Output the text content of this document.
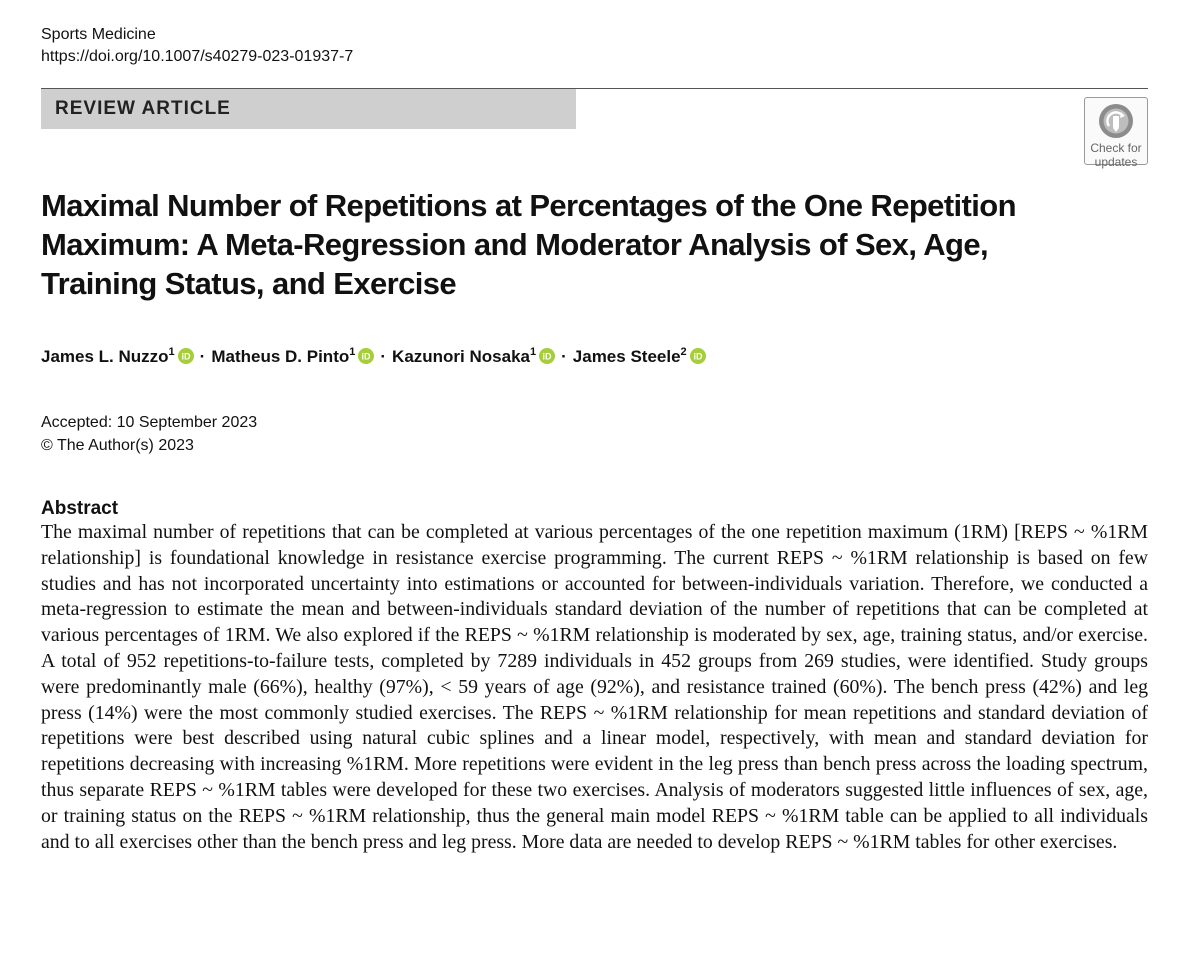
Sports Medicine
https://doi.org/10.1007/s40279-023-01937-7
REVIEW ARTICLE
Check for
updates
Maximal Number of Repetitions at Percentages of the One Repetition Maximum: A Meta-Regression and Moderator Analysis of Sex, Age, Training Status, and Exercise
James L. Nuzzo$^1$ iD · Matheus D. Pinto$^1$ iD · Kazunori Nosaka$^1$ iD · James Steele$^2$ iD
Accepted: 10 September 2023
© The Author(s) 2023
Abstract

The maximal number of repetitions that can be completed at various percentages of the one repetition maximum (1RM) [REPS ~ %1RM relationship] is foundational knowledge in resistance exercise programming. The current REPS ~ %1RM relationship is based on few studies and has not incorporated uncertainty into estimations or accounted for between-individuals variation. Therefore, we conducted a meta-regression to estimate the mean and between-individuals standard deviation of the number of repetitions that can be completed at various percentages of 1RM. We also explored if the REPS ~ %1RM relationship is moderated by sex, age, training status, and/or exercise. A total of 952 repetitions-to-failure tests, completed by 7289 individuals in 452 groups from 269 studies, were identified. Study groups were predominantly male (66%), healthy (97%), < 59 years of age (92%), and resistance trained (60%). The bench press (42%) and leg press (14%) were the most commonly studied exercises. The REPS ~ %1RM relationship for mean repetitions and standard deviation of repetitions were best described using natural cubic splines and a linear model, respectively, with mean and standard deviation for repetitions decreasing with increasing %1RM. More repetitions were evident in the leg press than bench press across the loading spectrum, thus separate REPS ~ %1RM tables were developed for these two exercises. Analysis of moderators suggested little influences of sex, age, or training status on the REPS ~ %1RM relationship, thus the general main model REPS ~ %1RM table can be applied to all individuals and to all exercises other than the bench press and leg press. More data are needed to develop REPS ~ %1RM tables for other exercises.
